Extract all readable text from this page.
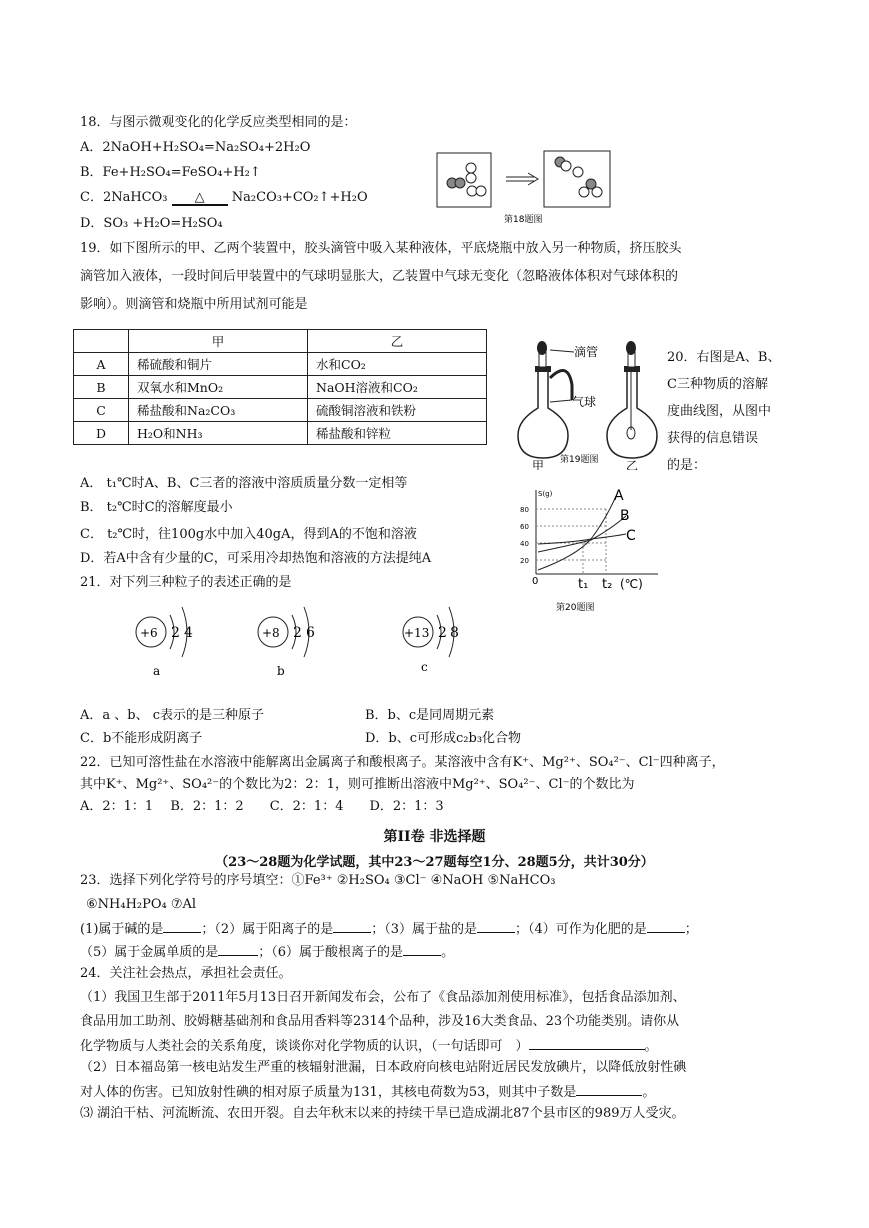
18．与图示微观变化的化学反应类型相同的是：
A．2NaOH+H₂SO₄=Na₂SO₄+2H₂O
B．Fe+H₂SO₄=FeSO₄+H₂↑
C．2NaHCO₃ △ Na₂CO₃+CO₂↑+H₂O
D．SO₃ +H₂O=H₂SO₄	第18题图
19．如下图所示的甲、乙两个装置中，胶头滴管中吸入某种液体，平底烧瓶中放入另一种物质，挤压胶头
滴管加入液体，一段时间后甲装置中的气球明显胀大，乙装置中气球无变化（忽略液体体积对气球体积的
影响）。则滴管和烧瓶中所用试剂可能是
	甲	乙
A	稀硫酸和铜片	水和CO₂
B	双氧水和MnO₂	NaOH溶液和CO₂
C	稀盐酸和Na₂CO₃	硫酸铜溶液和铁粉
D	H₂O和NH₃	稀盐酸和锌粒
滴管
气球
甲 第19题图 乙
20．右图是A、B、
C三种物质的溶解
度曲线图，从图中
获得的信息错误
的是：
A． t₁℃时A、B、C三者的溶液中溶质质量分数一定相等
B． t₂℃时C的溶解度最小
C． t₂℃时，往100g水中加入40gA，得到A的不饱和溶液
D．若A中含有少量的C，可采用冷却热饱和溶液的方法提纯A
S(g)
80
60
40
20
0
A
B
C
t₁ t₂ (℃)
第20题图
21．对下列三种粒子的表述正确的是
+6 2 4
a
+8 2 6
b
+13 2 8
c
A．a 、b、 c表示的是三种原子	B．b、c是同周期元素
C．b不能形成阴离子	D．b、c可形成c₂b₃化合物
22．已知可溶性盐在水溶液中能解离出金属离子和酸根离子。某溶液中含有K⁺、Mg²⁺、SO₄²⁻、Cl⁻四种离子，
其中K⁺、Mg²⁺、SO₄²⁻的个数比为2：2：1，则可推断出溶液中Mg²⁺、SO₄²⁻、Cl⁻的个数比为
A．2：1：1　 B．2：1：2　　C．2：1：4　　D．2：1：3
第II卷 非选择题
（23～28题为化学试题，其中23～27题每空1分、28题5分，共计30分）
23．选择下列化学符号的序号填空：①Fe³⁺ ②H₂SO₄ ③Cl⁻ ④NaOH ⑤NaHCO₃
⑥NH₄H₂PO₄ ⑦Al
(1)属于碱的是	；（2）属于阳离子的是	；（3）属于盐的是	；（4）可作为化肥的是	；
（5）属于金属单质的是	；（6）属于酸根离子的是	。
24．关注社会热点，承担社会责任。
（1）我国卫生部于2011年5月13日召开新闻发布会，公布了《食品添加剂使用标准》，包括食品添加剂、
食品用加工助剂、胶姆糖基础剂和食品用香料等2314个品种，涉及16大类食品、23个功能类别。请你从
化学物质与人类社会的关系角度，谈谈你对化学物质的认识，（一句话即可　）	。
（2）日本福岛第一核电站发生严重的核辐射泄漏，日本政府向核电站附近居民发放碘片，以降低放射性碘
对人体的伤害。已知放射性碘的相对原子质量为131，其核电荷数为53，则其中子数是	。
⑶ 湖泊干枯、河流断流、农田开裂。自去年秋末以来的持续干旱已造成湖北87个县市区的989万人受灾。
